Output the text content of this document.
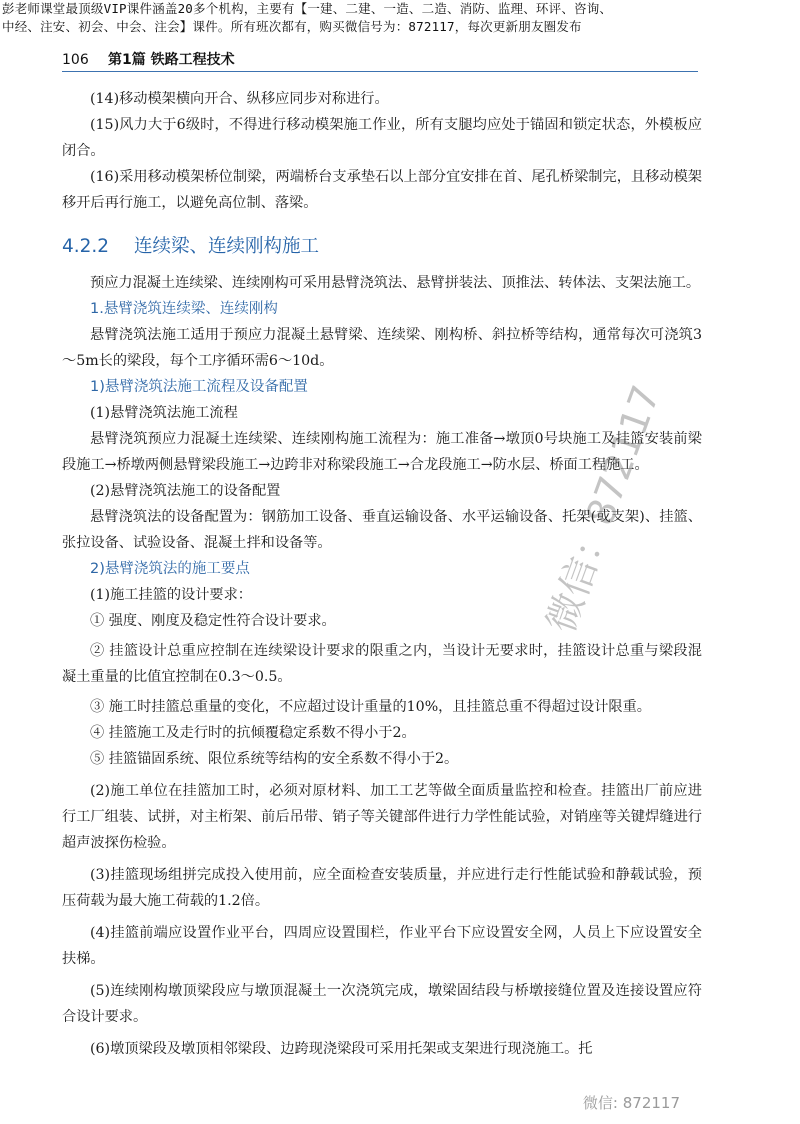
彭老师课堂最顶级VIP课件涵盖20多个机构，主要有【一建、二建、一造、二造、消防、监理、环评、咨询、
中经、注安、初会、中会、注会】课件。所有班次都有，购买微信号为：872117，每次更新朋友圈发布
106 第1篇 铁路工程技术

(14)移动模架横向开合、纵移应同步对称进行。

(15)风力大于6级时，不得进行移动模架施工作业，所有支腿均应处于锚固和锁定状态，外模板应闭合。

(16)采用移动模架桥位制梁，两端桥台支承垫石以上部分宜安排在首、尾孔桥梁制完，且移动模架移开后再行施工，以避免高位制、落梁。

4.2.2 连续梁、连续刚构施工

预应力混凝土连续梁、连续刚构可采用悬臂浇筑法、悬臂拼装法、顶推法、转体法、支架法施工。

1.悬臂浇筑连续梁、连续刚构

悬臂浇筑法施工适用于预应力混凝土悬臂梁、连续梁、刚构桥、斜拉桥等结构，通常每次可浇筑3～5m长的梁段，每个工序循环需6～10d。

1)悬臂浇筑法施工流程及设备配置

(1)悬臂浇筑法施工流程

悬臂浇筑预应力混凝土连续梁、连续刚构施工流程为：施工准备→墩顶0号块施工及挂篮安装前梁段施工→桥墩两侧悬臂梁段施工→边跨非对称梁段施工→合龙段施工→防水层、桥面工程施工。

(2)悬臂浇筑法施工的设备配置

悬臂浇筑法的设备配置为：钢筋加工设备、垂直运输设备、水平运输设备、托架(或支架)、挂篮、张拉设备、试验设备、混凝土拌和设备等。

2)悬臂浇筑法的施工要点

(1)施工挂篮的设计要求：

① 强度、刚度及稳定性符合设计要求。

② 挂篮设计总重应控制在连续梁设计要求的限重之内，当设计无要求时，挂篮设计总重与梁段混凝土重量的比值宜控制在0.3～0.5。

③ 施工时挂篮总重量的变化，不应超过设计重量的10%，且挂篮总重不得超过设计限重。

④ 挂篮施工及走行时的抗倾覆稳定系数不得小于2。

⑤ 挂篮锚固系统、限位系统等结构的安全系数不得小于2。

(2)施工单位在挂篮加工时，必须对原材料、加工工艺等做全面质量监控和检查。挂篮出厂前应进行工厂组装、试拼，对主桁架、前后吊带、销子等关键部件进行力学性能试验，对销座等关键焊缝进行超声波探伤检验。

(3)挂篮现场组拼完成投入使用前，应全面检查安装质量，并应进行走行性能试验和静载试验，预压荷载为最大施工荷载的1.2倍。

(4)挂篮前端应设置作业平台，四周应设置围栏，作业平台下应设置安全网，人员上下应设置安全扶梯。

(5)连续刚构墩顶梁段应与墩顶混凝土一次浇筑完成，墩梁固结段与桥墩接缝位置及连接设置应符合设计要求。

(6)墩顶梁段及墩顶相邻梁段、边跨现浇梁段可采用托架或支架进行现浇施工。托

微信：872117
微信: 872117
